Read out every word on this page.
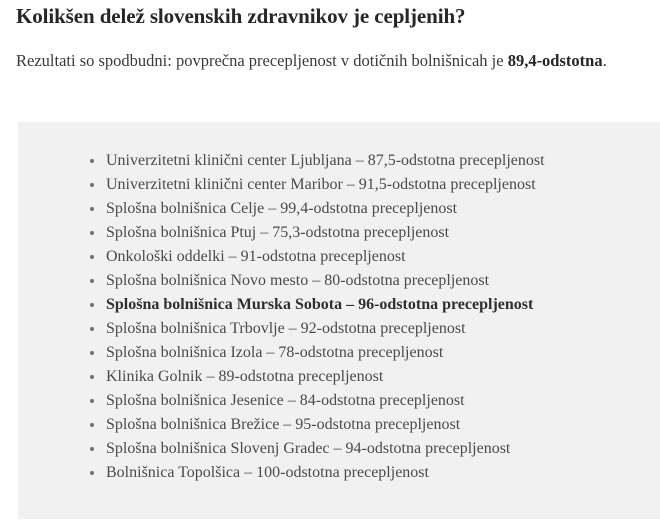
Kolikšen delež slovenskih zdravnikov je cepljenih?

Rezultati so spodbudni: povprečna precepljenost v dotičnih bolnišnicah je 89,4-odstotna.

Univerzitetni klinični center Ljubljana – 87,5-odstotna precepljenost
Univerzitetni klinični center Maribor – 91,5-odstotna precepljenost
Splošna bolnišnica Celje – 99,4-odstotna precepljenost
Splošna bolnišnica Ptuj – 75,3-odstotna precepljenost
Onkološki oddelki – 91-odstotna precepljenost
Splošna bolnišnica Novo mesto – 80-odstotna precepljenost
Splošna bolnišnica Murska Sobota – 96-odstotna precepljenost
Splošna bolnišnica Trbovlje – 92-odstotna precepljenost
Splošna bolnišnica Izola – 78-odstotna precepljenost
Klinika Golnik – 89-odstotna precepljenost
Splošna bolnišnica Jesenice – 84-odstotna precepljenost
Splošna bolnišnica Brežice – 95-odstotna precepljenost
Splošna bolnišnica Slovenj Gradec – 94-odstotna precepljenost
Bolnišnica Topolšica – 100-odstotna precepljenost
